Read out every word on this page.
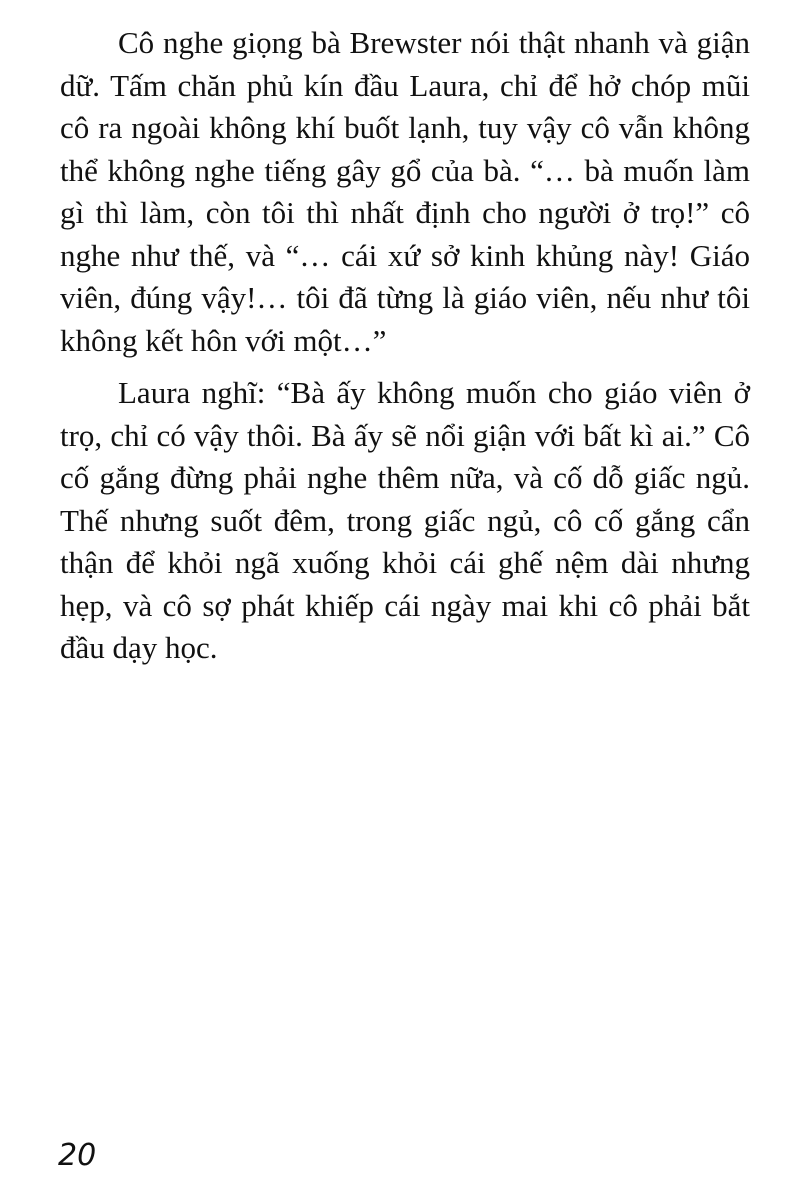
Cô nghe giọng bà Brewster nói thật nhanh và giận dữ. Tấm chăn phủ kín đầu Laura, chỉ để hở chóp mũi cô ra ngoài không khí buốt lạnh, tuy vậy cô vẫn không thể không nghe tiếng gây gổ của bà. “… bà muốn làm gì thì làm, còn tôi thì nhất định cho người ở trọ!” cô nghe như thế, và “… cái xứ sở kinh khủng này! Giáo viên, đúng vậy!… tôi đã từng là giáo viên, nếu như tôi không kết hôn với một…”

Laura nghĩ: “Bà ấy không muốn cho giáo viên ở trọ, chỉ có vậy thôi. Bà ấy sẽ nổi giận với bất kì ai.” Cô cố gắng đừng phải nghe thêm nữa, và cố dỗ giấc ngủ. Thế nhưng suốt đêm, trong giấc ngủ, cô cố gắng cẩn thận để khỏi ngã xuống khỏi cái ghế nệm dài nhưng hẹp, và cô sợ phát khiếp cái ngày mai khi cô phải bắt đầu dạy học.

20
